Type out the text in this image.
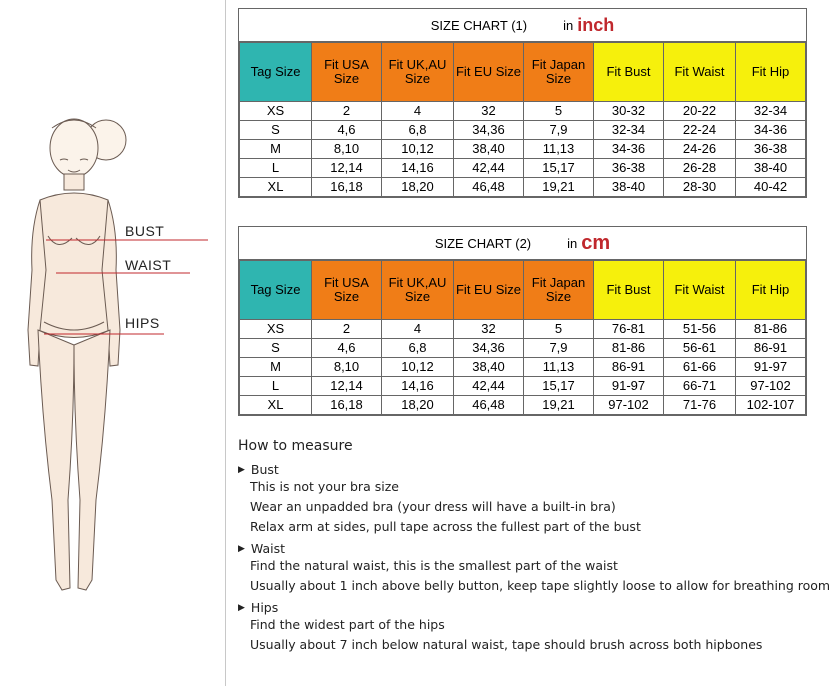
BUST
WAIST
HIPS
SIZE CHART (1)	in inch
Tag Size	Fit USA Size	Fit UK,AU Size	Fit EU Size	Fit Japan Size	Fit Bust	Fit Waist	Fit Hip
XS	2	4	32	5	30-32	20-22	32-34
S	4,6	6,8	34,36	7,9	32-34	22-24	34-36
M	8,10	10,12	38,40	11,13	34-36	24-26	36-38
L	12,14	14,16	42,44	15,17	36-38	26-28	38-40
XL	16,18	18,20	46,48	19,21	38-40	28-30	40-42
SIZE CHART (2)	in cm
Tag Size	Fit USA Size	Fit UK,AU Size	Fit EU Size	Fit Japan Size	Fit Bust	Fit Waist	Fit Hip
XS	2	4	32	5	76-81	51-56	81-86
S	4,6	6,8	34,36	7,9	81-86	56-61	86-91
M	8,10	10,12	38,40	11,13	86-91	61-66	91-97
L	12,14	14,16	42,44	15,17	91-97	66-71	97-102
XL	16,18	18,20	46,48	19,21	97-102	71-76	102-107
How to measure
▶ Bust
This is not your bra size
Wear an unpadded bra (your dress will have a built-in bra)
Relax arm at sides, pull tape across the fullest part of the bust
▶ Waist
Find the natural waist, this is the smallest part of the waist
Usually about 1 inch above belly button, keep tape slightly loose to allow for breathing room
▶ Hips
Find the widest part of the hips
Usually about 7 inch below natural waist, tape should brush across both hipbones
